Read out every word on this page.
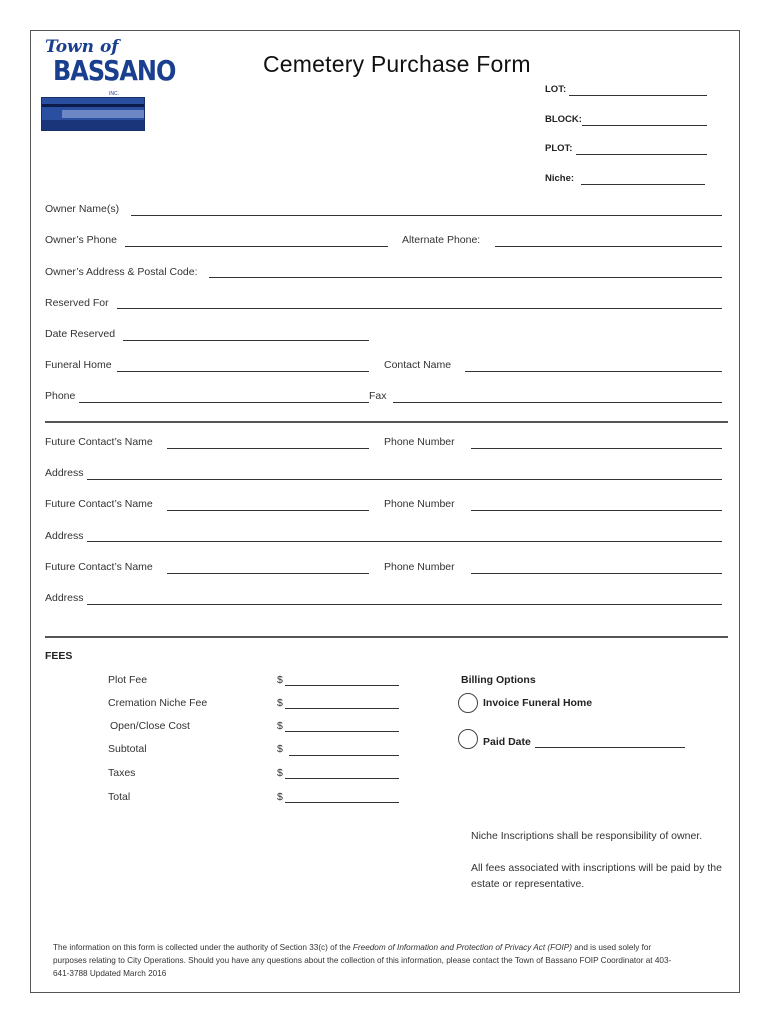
Town of
BASSANO
INC.
Cemetery Purchase Form
LOT:
BLOCK:
PLOT:
Niche:
Owner Name(s)
Owner’s Phone	Alternate Phone:
Owner’s Address & Postal Code:
Reserved For
Date Reserved
Funeral Home	Contact Name
Phone	Fax
Future Contact’s Name	Phone Number
Address
Future Contact’s Name	Phone Number
Address
Future Contact’s Name	Phone Number
Address
FEES
Plot Fee	$
Cremation Niche Fee	$
Open/Close Cost	$
Subtotal	$
Taxes	$
Total	$
Billing Options
Invoice Funeral Home
Paid Date
Niche Inscriptions shall be responsibility of owner.
All fees associated with inscriptions will be paid by the estate or representative.
The information on this form is collected under the authority of Section 33(c) of the Freedom of Information and Protection of Privacy Act (FOIP) and is used solely for purposes relating to City Operations. Should you have any questions about the collection of this information, please contact the Town of Bassano FOIP Coordinator at 403-641-3788 Updated March 2016
